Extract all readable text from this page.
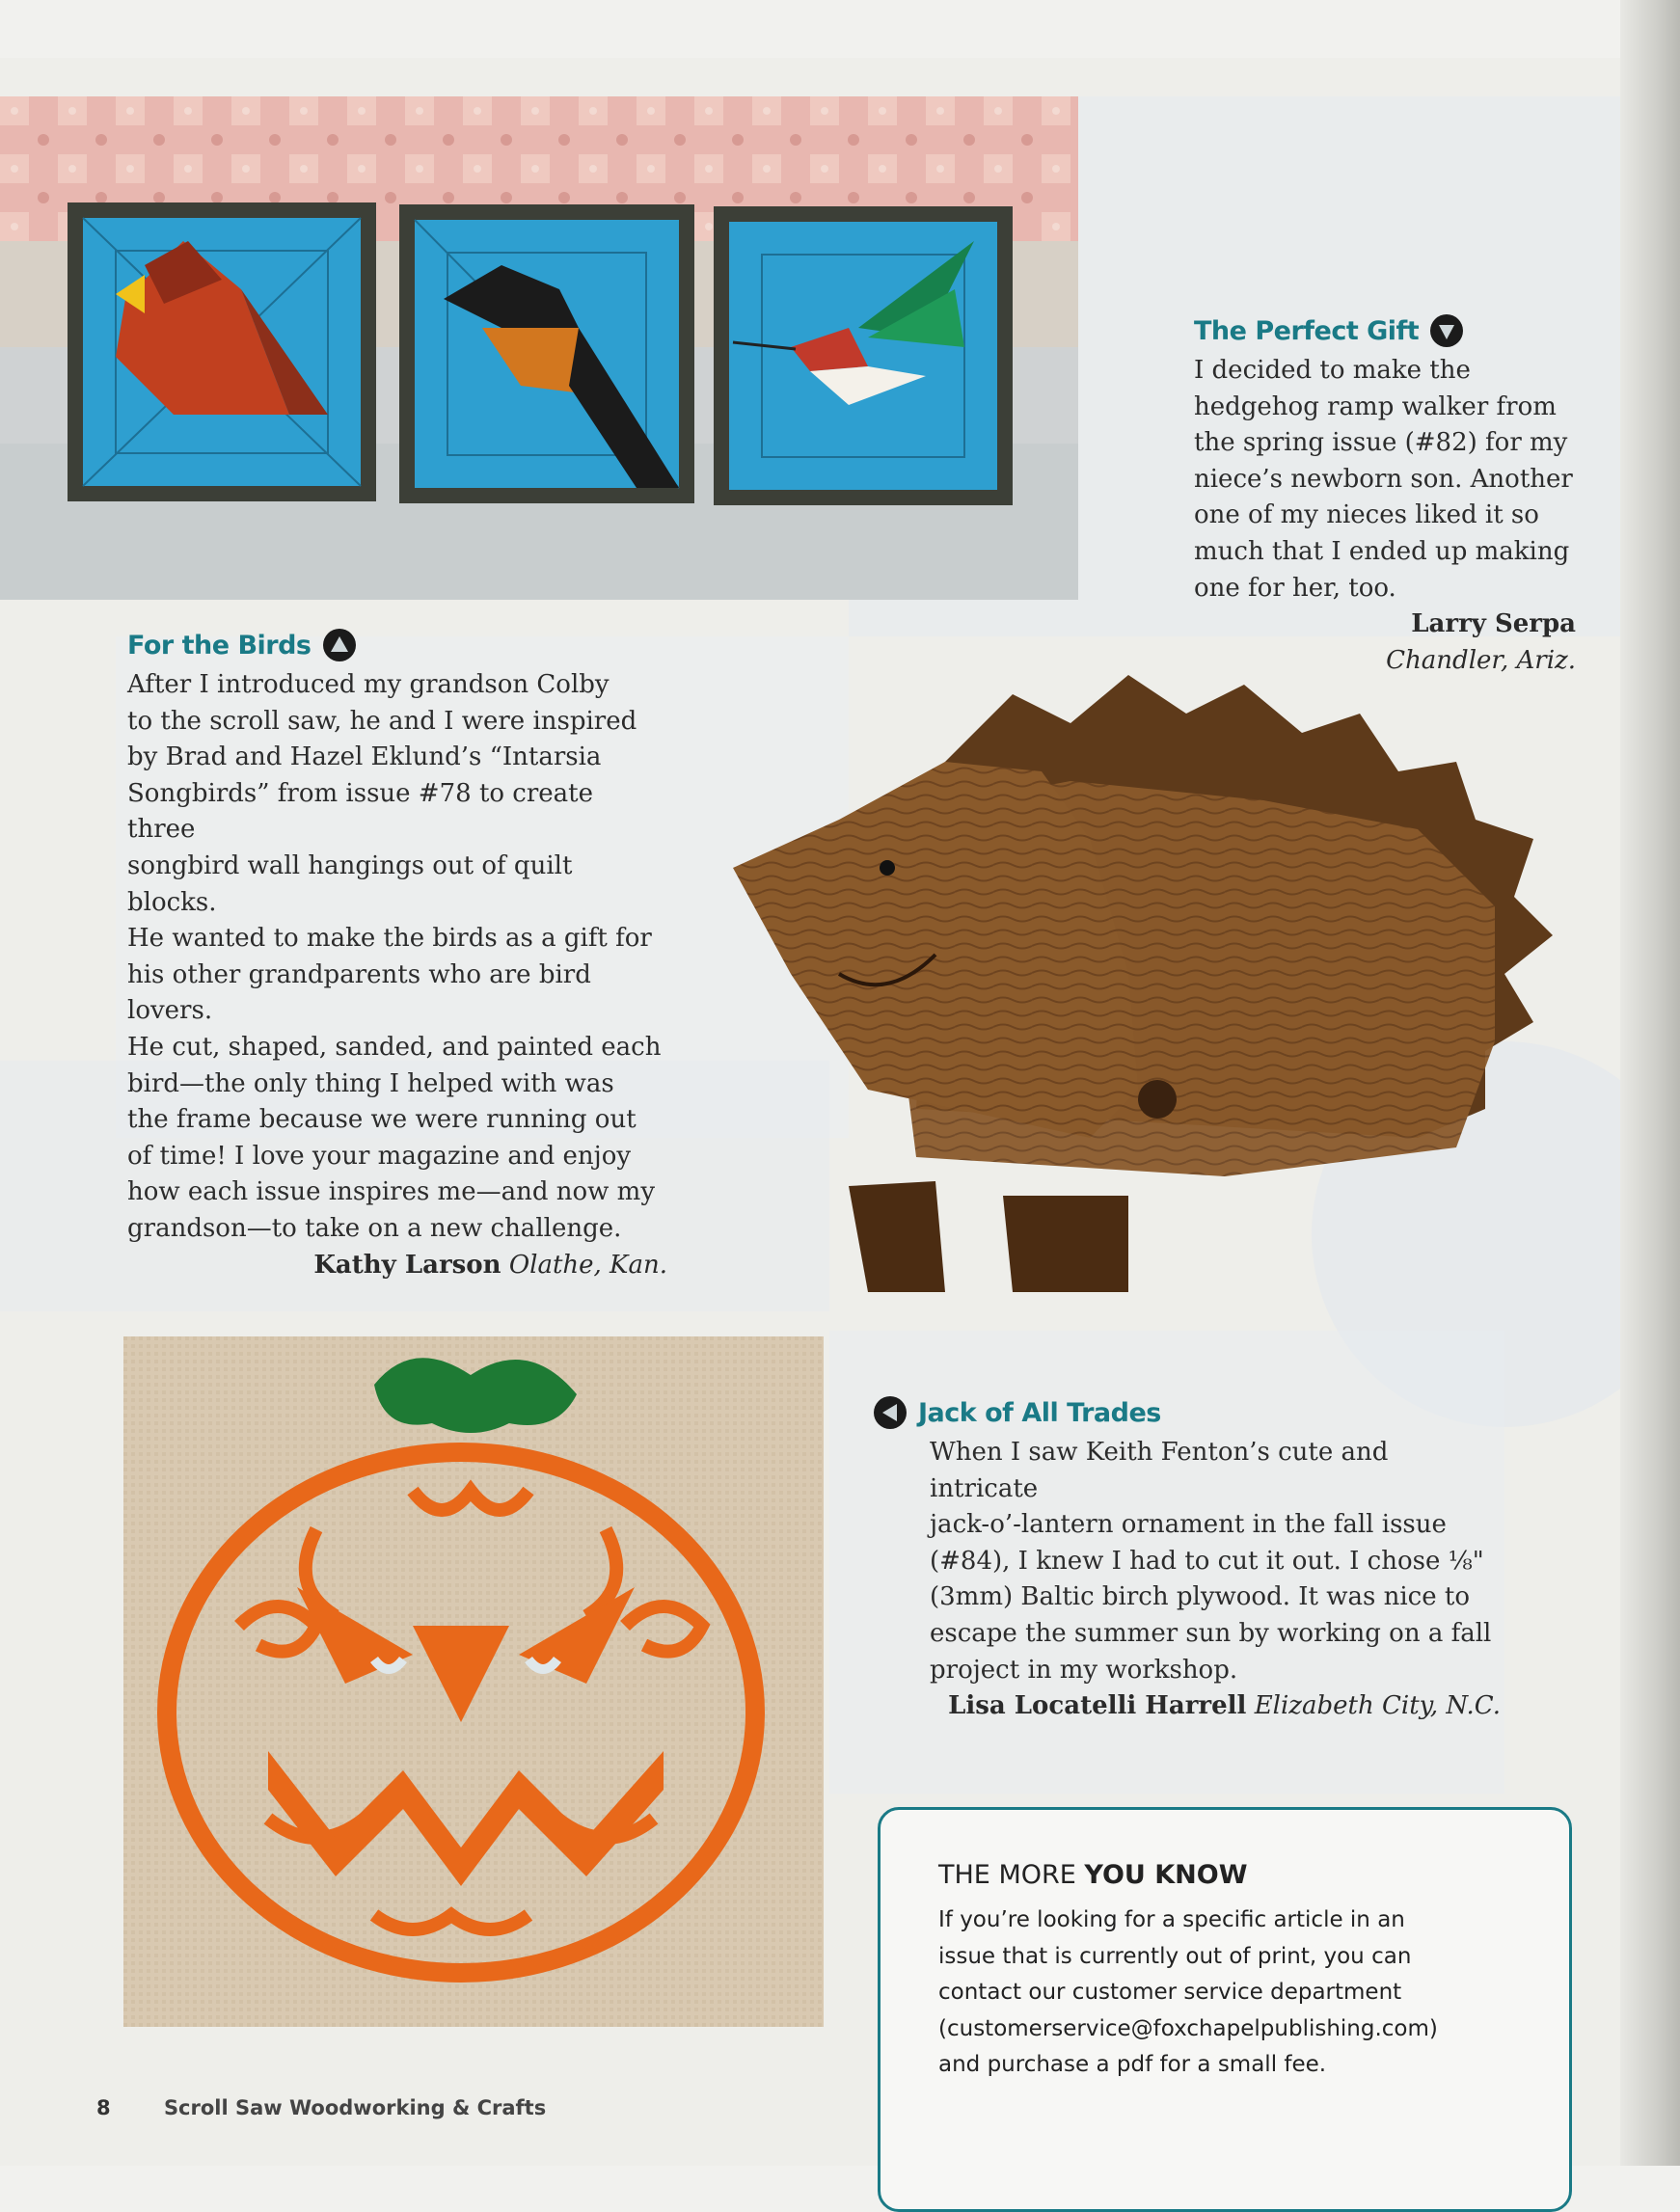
The Perfect Gift
I decided to make the
hedgehog ramp walker from
the spring issue (#82) for my
niece’s newborn son. Another
one of my nieces liked it so
much that I ended up making
one for her, too.
Larry Serpa
Chandler, Ariz.
For the Birds
After I introduced my grandson Colby
to the scroll saw, he and I were inspired
by Brad and Hazel Eklund’s “Intarsia
Songbirds” from issue #78 to create three
songbird wall hangings out of quilt blocks.
He wanted to make the birds as a gift for
his other grandparents who are bird lovers.
He cut, shaped, sanded, and painted each
bird—the only thing I helped with was
the frame because we were running out
of time! I love your magazine and enjoy
how each issue inspires me—and now my
grandson—to take on a new challenge.
Kathy Larson Olathe, Kan.
Jack of All Trades
When I saw Keith Fenton’s cute and intricate
jack-o’-lantern ornament in the fall issue
(#84), I knew I had to cut it out. I chose ⅛"
(3mm) Baltic birch plywood. It was nice to
escape the summer sun by working on a fall
project in my workshop.
Lisa Locatelli Harrell Elizabeth City, N.C.
THE MORE YOU KNOW
If you’re looking for a specific article in an
issue that is currently out of print, you can
contact our customer service department
(customerservice@foxchapelpublishing.com)
and purchase a pdf for a small fee.
8	Scroll Saw Woodworking & Crafts
